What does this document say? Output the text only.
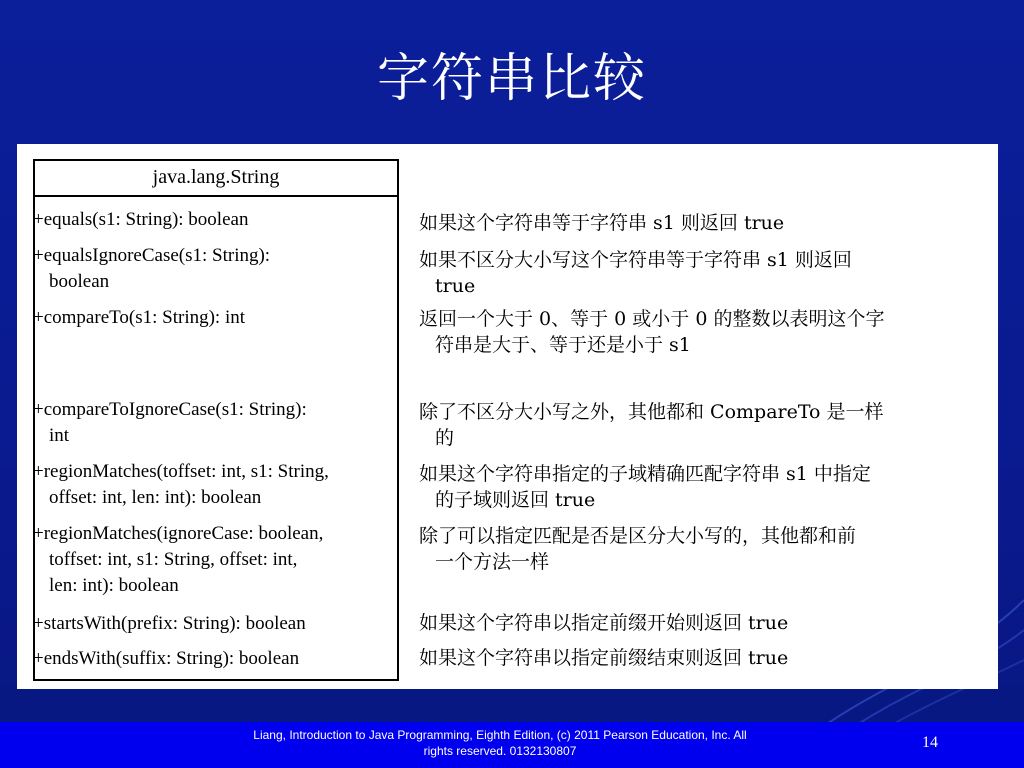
字符串比较
java.lang.String
+equals(s1: String): boolean
+equalsIgnoreCase(s1: String):
boolean
+compareTo(s1: String): int
+compareToIgnoreCase(s1: String):
int
+regionMatches(toffset: int, s1: String,
offset: int, len: int): boolean
+regionMatches(ignoreCase: boolean,
toffset: int, s1: String, offset: int,
len: int): boolean
+startsWith(prefix: String): boolean
+endsWith(suffix: String): boolean
如果这个字符串等于字符串 s1 则返回 true
如果不区分大小写这个字符串等于字符串 s1 则返回
true
返回一个大于 0、等于 0 或小于 0 的整数以表明这个字
符串是大于、等于还是小于 s1
除了不区分大小写之外，其他都和 CompareTo 是一样
的
如果这个字符串指定的子域精确匹配字符串 s1 中指定
的子域则返回 true
除了可以指定匹配是否是区分大小写的，其他都和前
一个方法一样
如果这个字符串以指定前缀开始则返回 true
如果这个字符串以指定前缀结束则返回 true
Liang, Introduction to Java Programming, Eighth Edition, (c) 2011 Pearson Education, Inc. All
rights reserved. 0132130807	14
